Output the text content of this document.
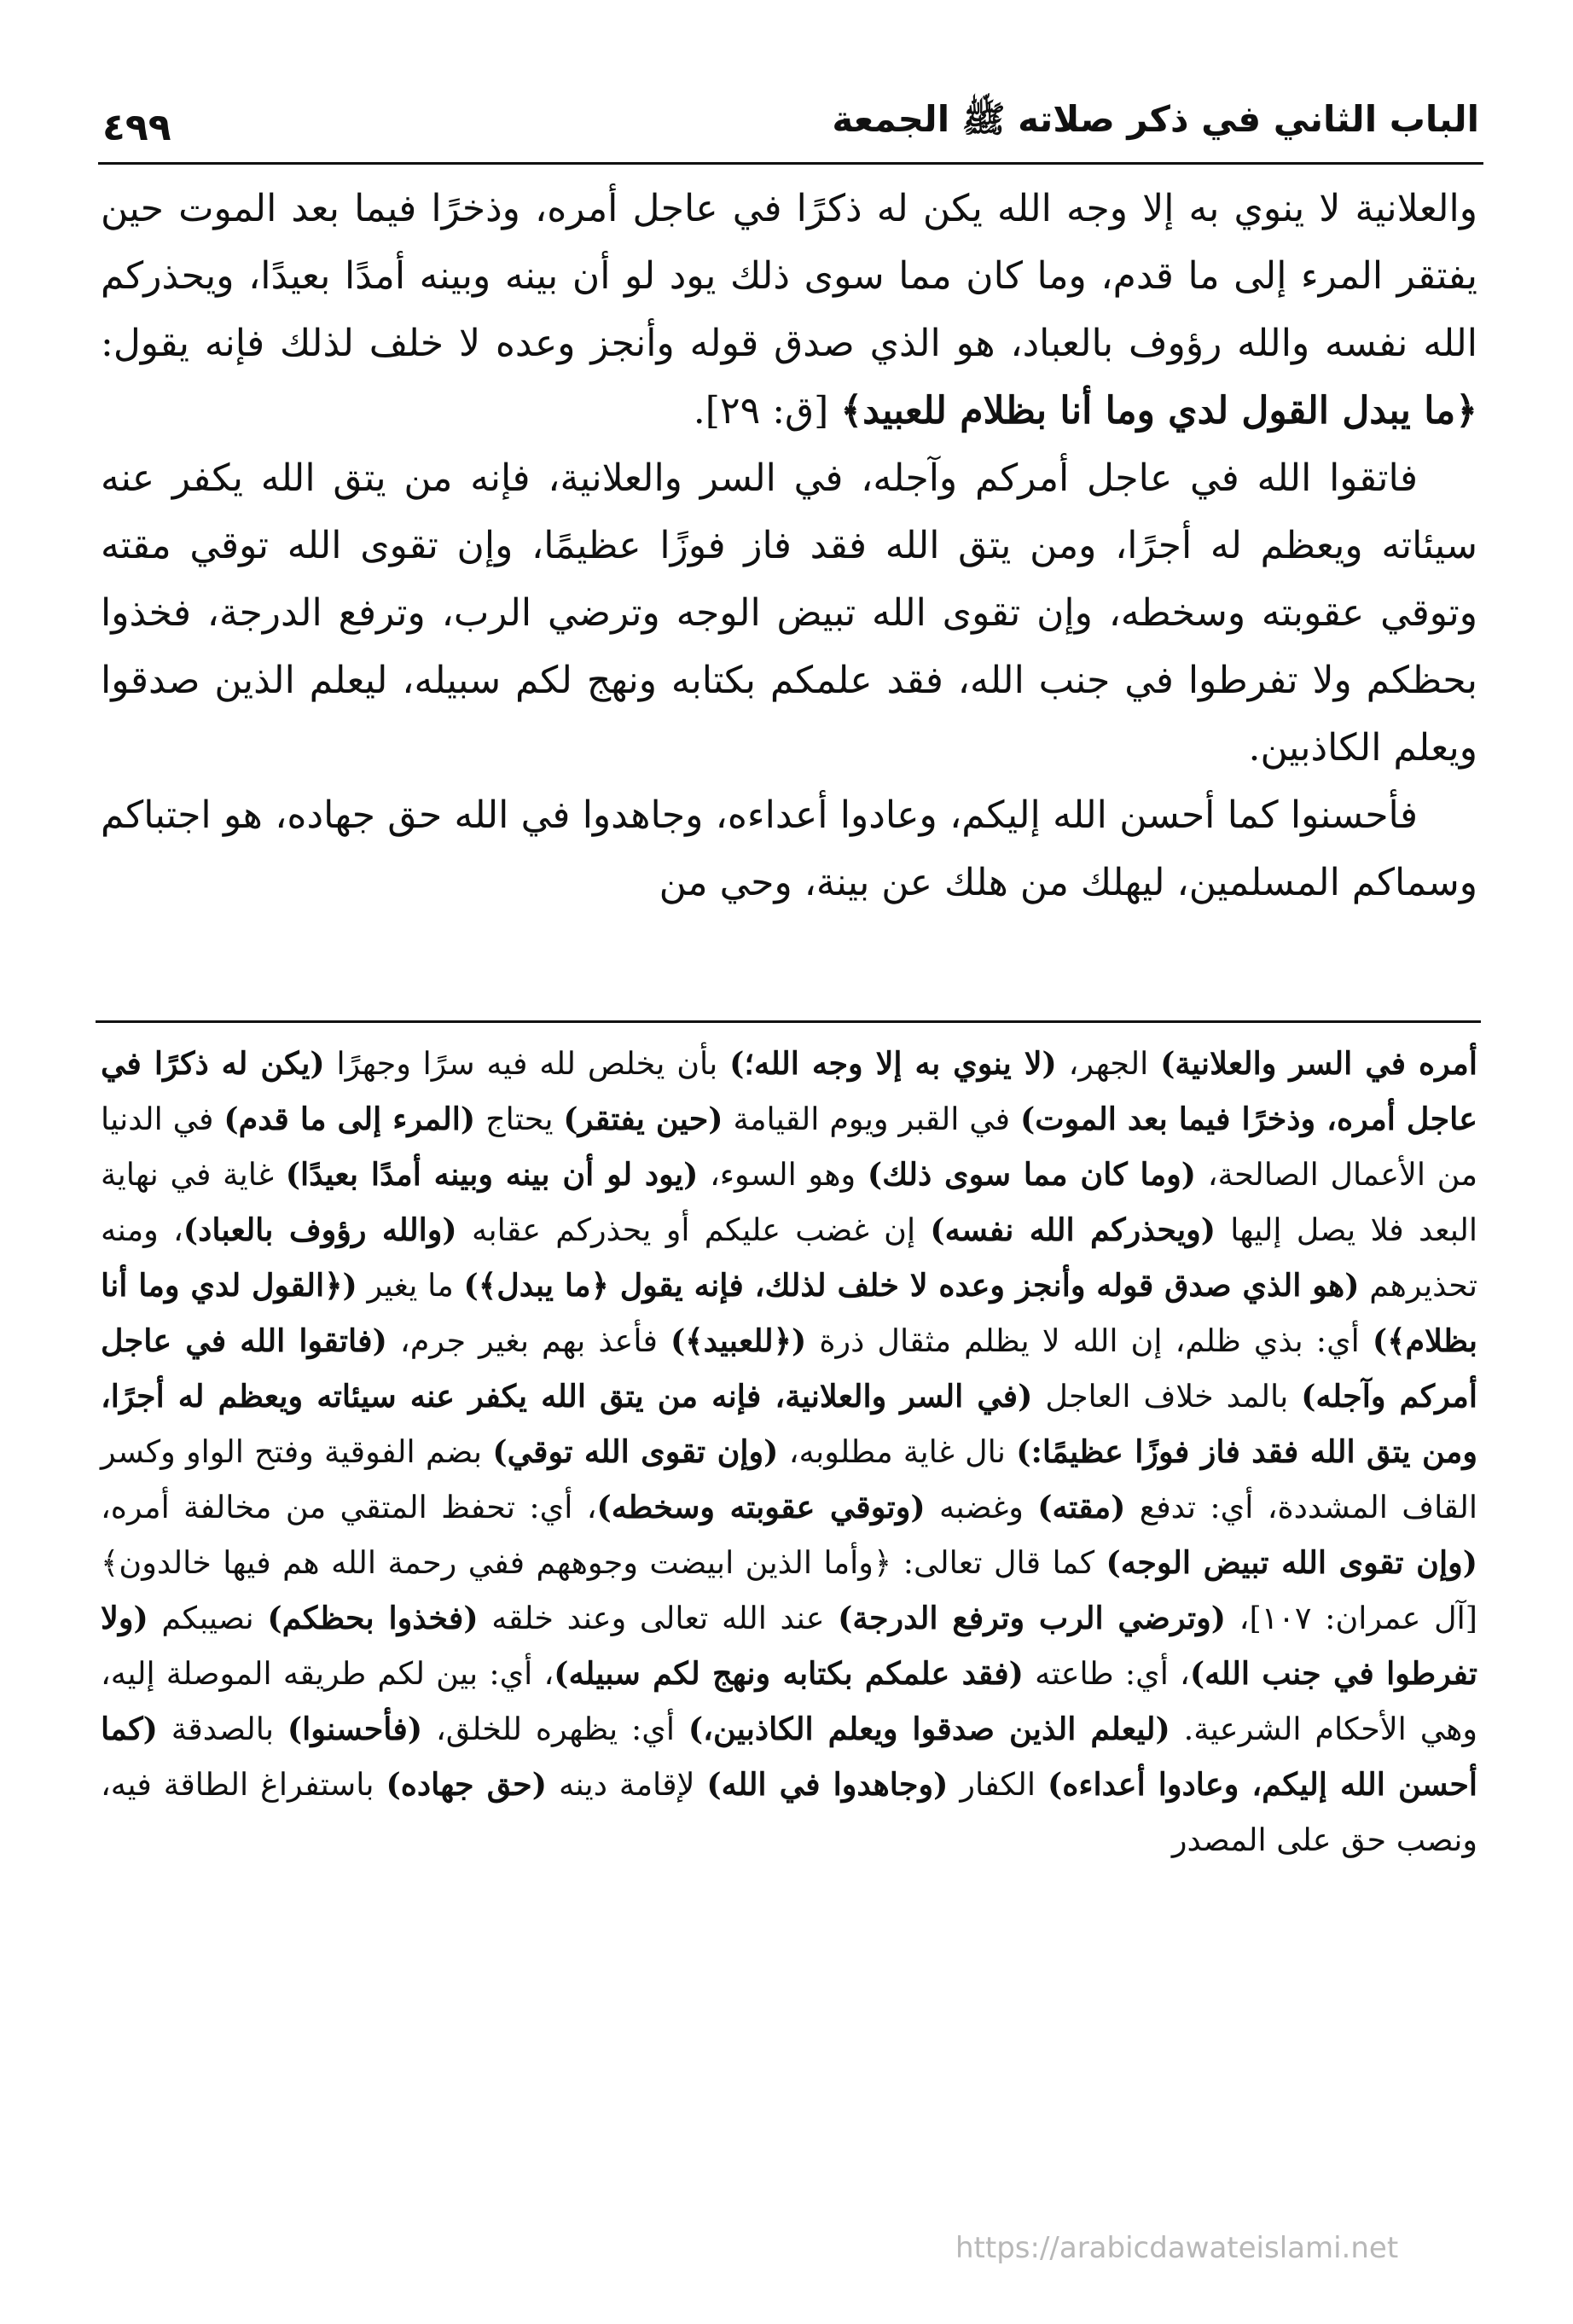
الباب الثاني في ذكر صلاته ﷺ الجمعة
٤٩٩

والعلانية لا ينوي به إلا وجه الله يكن له ذكرًا في عاجل أمره، وذخرًا فيما بعد الموت حين يفتقر المرء إلى ما قدم، وما كان مما سوى ذلك يود لو أن بينه وبينه أمدًا بعيدًا، ويحذركم الله نفسه والله رؤوف بالعباد، هو الذي صدق قوله وأنجز وعده لا خلف لذلك فإنه يقول: ﴿ما يبدل القول لدي وما أنا بظلام للعبيد﴾ [ق: ٢٩].

فاتقوا الله في عاجل أمركم وآجله، في السر والعلانية، فإنه من يتق الله يكفر عنه سيئاته ويعظم له أجرًا، ومن يتق الله فقد فاز فوزًا عظيمًا، وإن تقوى الله توقي مقته وتوقي عقوبته وسخطه، وإن تقوى الله تبيض الوجه وترضي الرب، وترفع الدرجة، فخذوا بحظكم ولا تفرطوا في جنب الله، فقد علمكم بكتابه ونهج لكم سبيله، ليعلم الذين صدقوا ويعلم الكاذبين.

فأحسنوا كما أحسن الله إليكم، وعادوا أعداءه، وجاهدوا في الله حق جهاده، هو اجتباكم وسماكم المسلمين، ليهلك من هلك عن بينة، وحي من

أمره في السر والعلانية) الجهر، (لا ينوي به إلا وجه الله؛) بأن يخلص لله فيه سرًا وجهرًا (يكن له ذكرًا في عاجل أمره، وذخرًا فيما بعد الموت) في القبر ويوم القيامة (حين يفتقر) يحتاج (المرء إلى ما قدم) في الدنيا من الأعمال الصالحة، (وما كان مما سوى ذلك) وهو السوء، (يود لو أن بينه وبينه أمدًا بعيدًا) غاية في نهاية البعد فلا يصل إليها (ويحذركم الله نفسه) إن غضب عليكم أو يحذركم عقابه (والله رؤوف بالعباد)، ومنه تحذيرهم (هو الذي صدق قوله وأنجز وعده لا خلف لذلك، فإنه يقول ﴿ما يبدل﴾) ما يغير (﴿القول لدي وما أنا بظلام﴾) أي: بذي ظلم، إن الله لا يظلم مثقال ذرة (﴿للعبيد﴾) فأعذ بهم بغير جرم، (فاتقوا الله في عاجل أمركم وآجله) بالمد خلاف العاجل (في السر والعلانية، فإنه من يتق الله يكفر عنه سيئاته ويعظم له أجرًا، ومن يتق الله فقد فاز فوزًا عظيمًا:) نال غاية مطلوبه، (وإن تقوى الله توقي) بضم الفوقية وفتح الواو وكسر القاف المشددة، أي: تدفع (مقته) وغضبه (وتوقي عقوبته وسخطه)، أي: تحفظ المتقي من مخالفة أمره، (وإن تقوى الله تبيض الوجه) كما قال تعالى: ﴿وأما الذين ابيضت وجوههم ففي رحمة الله هم فيها خالدون﴾ [آل عمران: ١٠٧]، (وترضي الرب وترفع الدرجة) عند الله تعالى وعند خلقه (فخذوا بحظكم) نصيبكم (ولا تفرطوا في جنب الله)، أي: طاعته (فقد علمكم بكتابه ونهج لكم سبيله)، أي: بين لكم طريقه الموصلة إليه، وهي الأحكام الشرعية. (ليعلم الذين صدقوا ويعلم الكاذبين،) أي: يظهره للخلق، (فأحسنوا) بالصدقة (كما أحسن الله إليكم، وعادوا أعداءه) الكفار (وجاهدوا في الله) لإقامة دينه (حق جهاده) باستفراغ الطاقة فيه، ونصب حق على المصدر

https://arabicdawateislami.net
